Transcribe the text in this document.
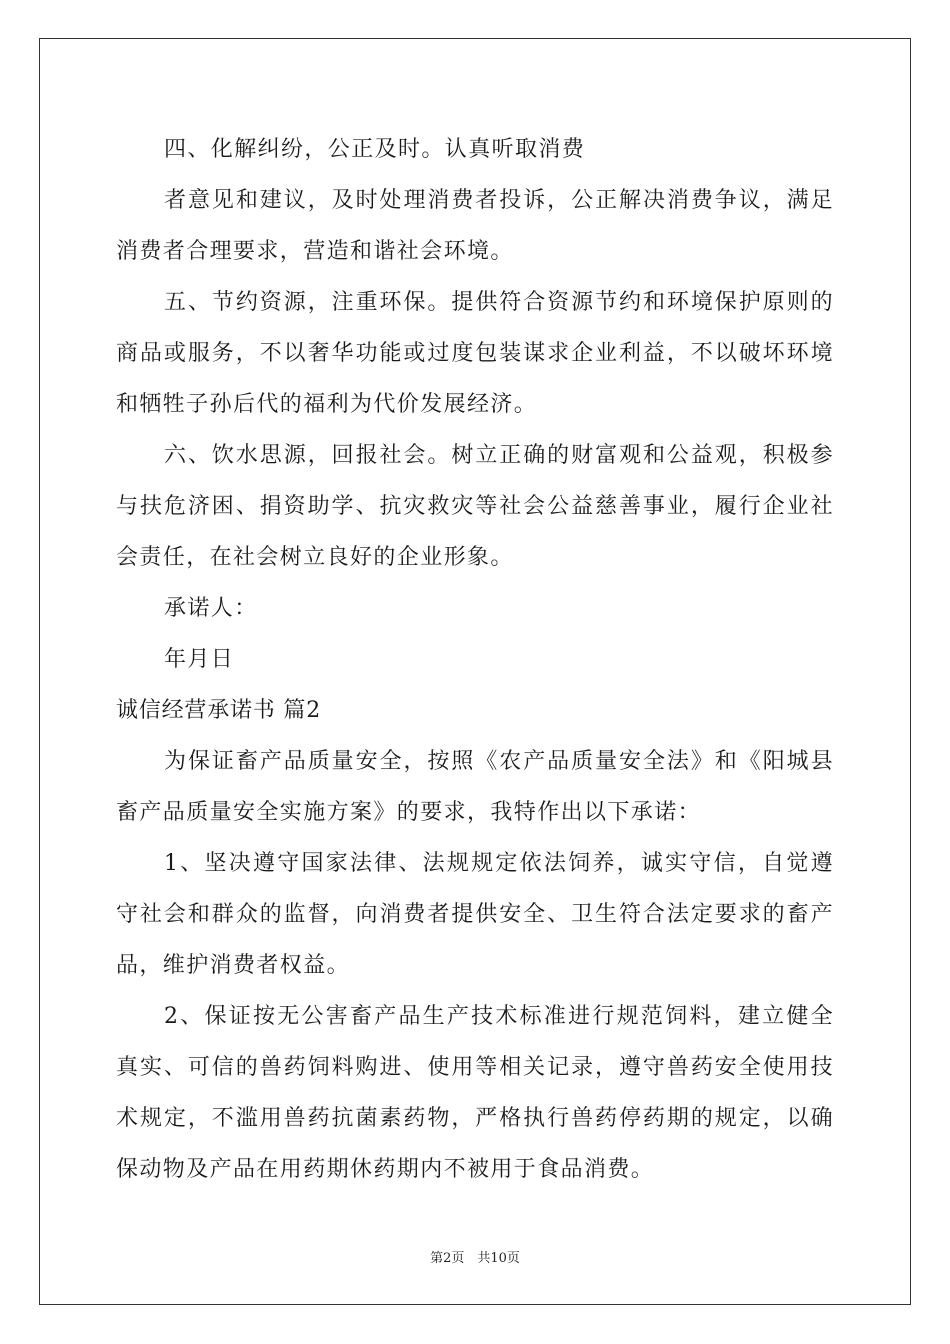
四、化解纠纷，公正及时。认真听取消费

者意见和建议，及时处理消费者投诉，公正解决消费争议，满足消费者合理要求，营造和谐社会环境。

五、节约资源，注重环保。提供符合资源节约和环境保护原则的商品或服务，不以奢华功能或过度包装谋求企业利益，不以破坏环境和牺牲子孙后代的福利为代价发展经济。

六、饮水思源，回报社会。树立正确的财富观和公益观，积极参与扶危济困、捐资助学、抗灾救灾等社会公益慈善事业，履行企业社会责任，在社会树立良好的企业形象。

承诺人：

年月日

诚信经营承诺书 篇2

为保证畜产品质量安全，按照《农产品质量安全法》和《阳城县畜产品质量安全实施方案》的要求，我特作出以下承诺：

1、坚决遵守国家法律、法规规定依法饲养，诚实守信，自觉遵守社会和群众的监督，向消费者提供安全、卫生符合法定要求的畜产品，维护消费者权益。

2、保证按无公害畜产品生产技术标准进行规范饲料，建立健全真实、可信的兽药饲料购进、使用等相关记录，遵守兽药安全使用技术规定，不滥用兽药抗菌素药物，严格执行兽药停药期的规定，以确保动物及产品在用药期休药期内不被用于食品消费。

第2页　共10页
